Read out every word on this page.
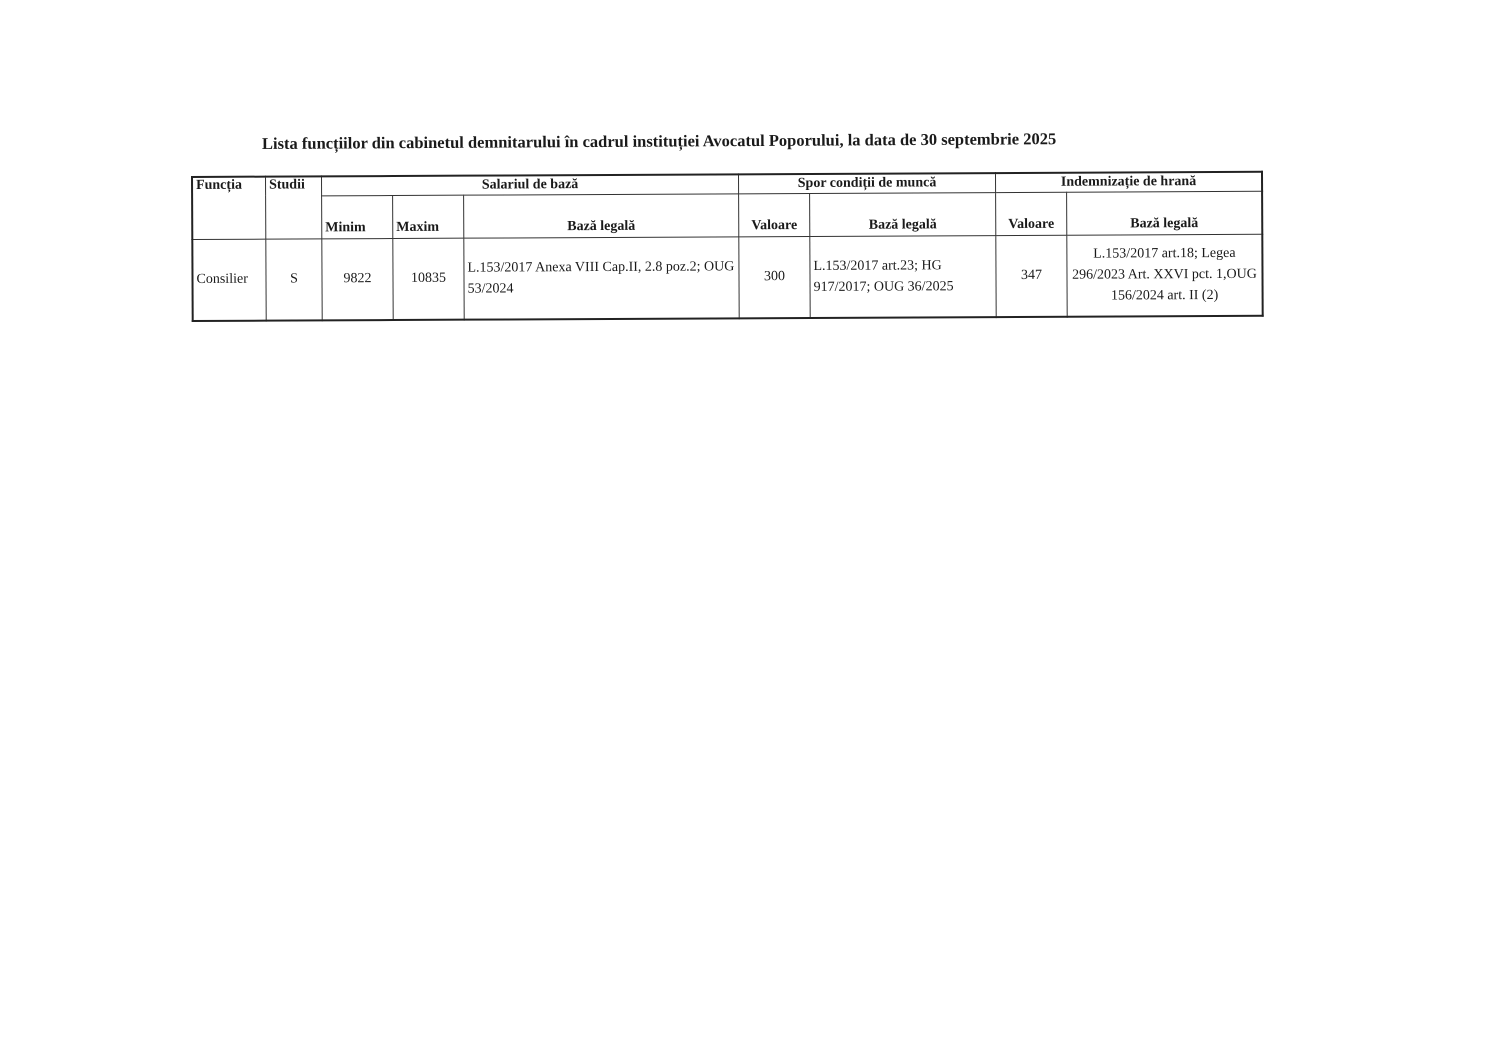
Lista funcțiilor din cabinetul demnitarului în cadrul instituției Avocatul Poporului, la data de 30 septembrie 2025
Funcția	Studii	Salariul de bază			Spor condiții de muncă		Indemnizație de hrană	
		Minim	Maxim	Bază legală	Valoare	Bază legală	Valoare	Bază legală
Consilier	S	9822	10835	L.153/2017 Anexa VIII Cap.II, 2.8 poz.2; OUG 53/2024	300	L.153/2017 art.23; HG 917/2017; OUG 36/2025	347	L.153/2017 art.18; Legea 296/2023 Art. XXVI pct. 1,OUG 156/2024 art. II (2)
